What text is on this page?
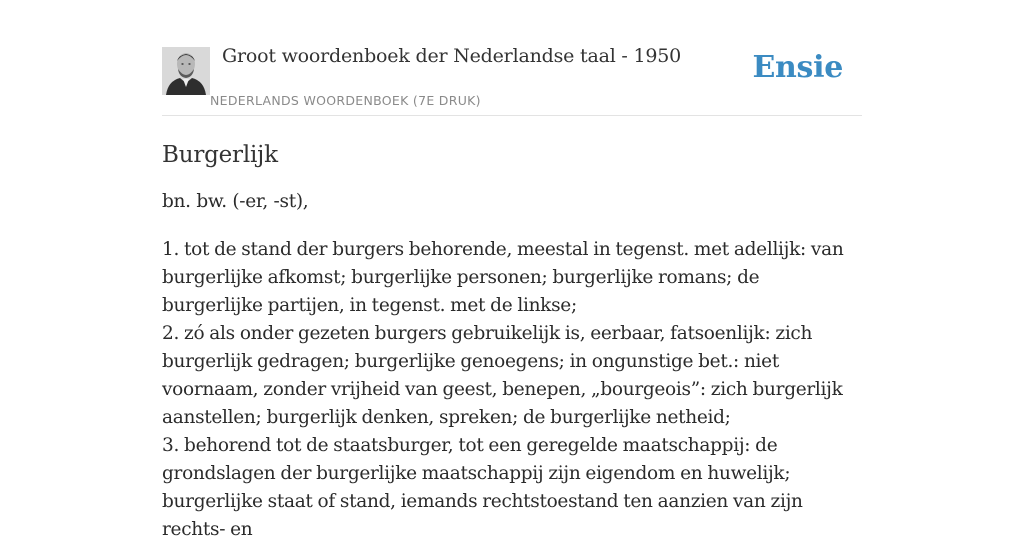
Groot woordenboek der Nederlandse taal - 1950
NEDERLANDS WOORDENBOEK (7E DRUK)
Ensie
Burgerlijk

bn. bw. (-er, -st),

1. tot de stand der burgers behorende, meestal in tegenst. met adellijk: van burgerlijke afkomst; burgerlijke personen; burgerlijke romans; de burgerlijke partijen, in tegenst. met de linkse;
2. zó als onder gezeten burgers gebruikelijk is, eerbaar, fatsoenlijk: zich burgerlijk gedragen; burgerlijke genoegens; in ongunstige bet.: niet voornaam, zonder vrijheid van geest, benepen, „bourgeois”: zich burgerlijk aanstellen; burgerlijk denken, spreken; de burgerlijke netheid;
3. behorend tot de staatsburger, tot een geregelde maatschappij: de grondslagen der burgerlijke maatschappij zijn eigendom en huwelijk; burgerlijke staat of stand, iemands rechtstoestand ten aanzien van zijn rechts- en
